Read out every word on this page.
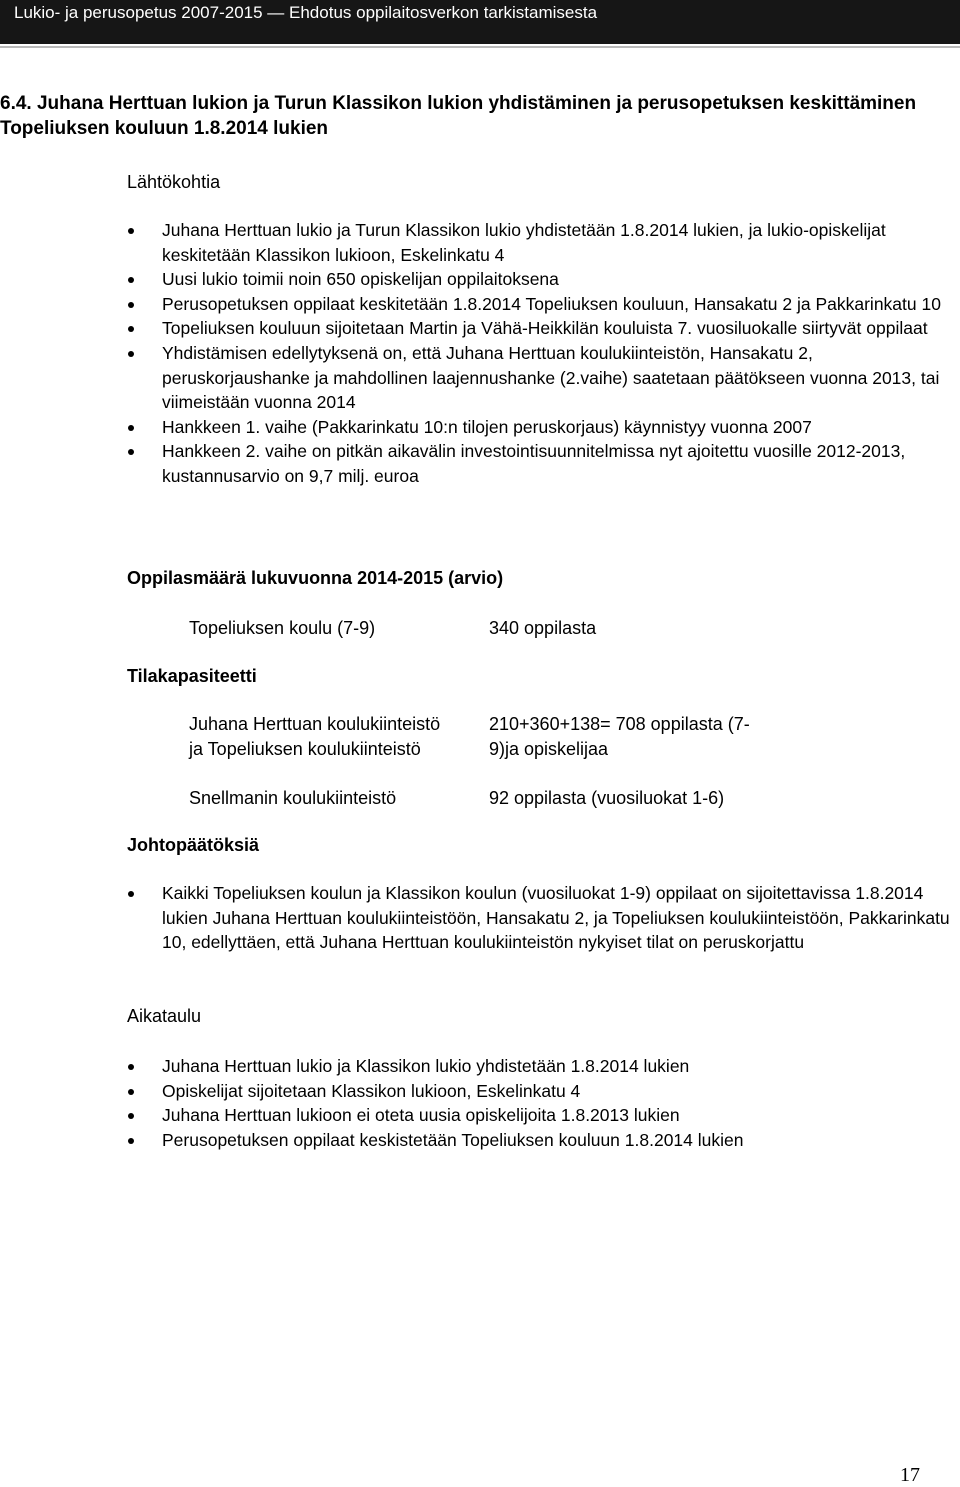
Lukio- ja perusopetus 2007-2015 — Ehdotus oppilaitosverkon tarkistamisesta
6.4. Juhana Herttuan lukion ja Turun Klassikon lukion yhdistäminen ja perusopetuksen keskittäminen Topeliuksen kouluun 1.8.2014 lukien
Lähtökohtia
Juhana Herttuan lukio ja Turun Klassikon lukio yhdistetään 1.8.2014 lukien, ja lukio-opiskelijat keskitetään Klassikon lukioon, Eskelinkatu 4
Uusi lukio toimii noin 650 opiskelijan oppilaitoksena
Perusopetuksen oppilaat keskitetään 1.8.2014 Topeliuksen kouluun, Hansakatu 2 ja Pakkarinkatu 10
Topeliuksen kouluun sijoitetaan Martin ja Vähä-Heikkilän kouluista 7. vuosiluokalle siirtyvät oppilaat
Yhdistämisen edellytyksenä on, että Juhana Herttuan koulukiinteistön, Hansakatu 2, peruskorjaushanke ja mahdollinen laajennushanke (2.vaihe) saatetaan päätökseen vuonna 2013, tai viimeistään vuonna 2014
Hankkeen 1. vaihe (Pakkarinkatu 10:n tilojen peruskorjaus) käynnistyy vuonna 2007
Hankkeen 2. vaihe on pitkän aikavälin investointisuunnitelmissa nyt ajoitettu vuosille 2012-2013, kustannusarvio on 9,7 milj. euroa
Oppilasmäärä lukuvuonna 2014-2015 (arvio)
Topeliuksen koulu (7-9)	340 oppilasta
Tilakapasiteetti
Juhana Herttuan koulukiinteistö ja Topeliuksen koulukiinteistö
210+360+138= 708 oppilasta (7-9)ja opiskelijaa
Snellmanin koulukiinteistö	92 oppilasta (vuosiluokat 1-6)
Johtopäätöksiä
Kaikki Topeliuksen koulun ja Klassikon koulun (vuosiluokat 1-9) oppilaat on sijoitettavissa 1.8.2014 lukien Juhana Herttuan koulukiinteistöön, Hansakatu 2, ja Topeliuksen koulukiinteistöön, Pakkarinkatu 10, edellyttäen, että Juhana Herttuan koulukiinteistön nykyiset tilat on peruskorjattu
Aikataulu
Juhana Herttuan lukio ja Klassikon lukio yhdistetään 1.8.2014 lukien
Opiskelijat sijoitetaan Klassikon lukioon, Eskelinkatu 4
Juhana Herttuan lukioon ei oteta uusia opiskelijoita 1.8.2013 lukien
Perusopetuksen oppilaat keskistetään Topeliuksen kouluun 1.8.2014 lukien
17
